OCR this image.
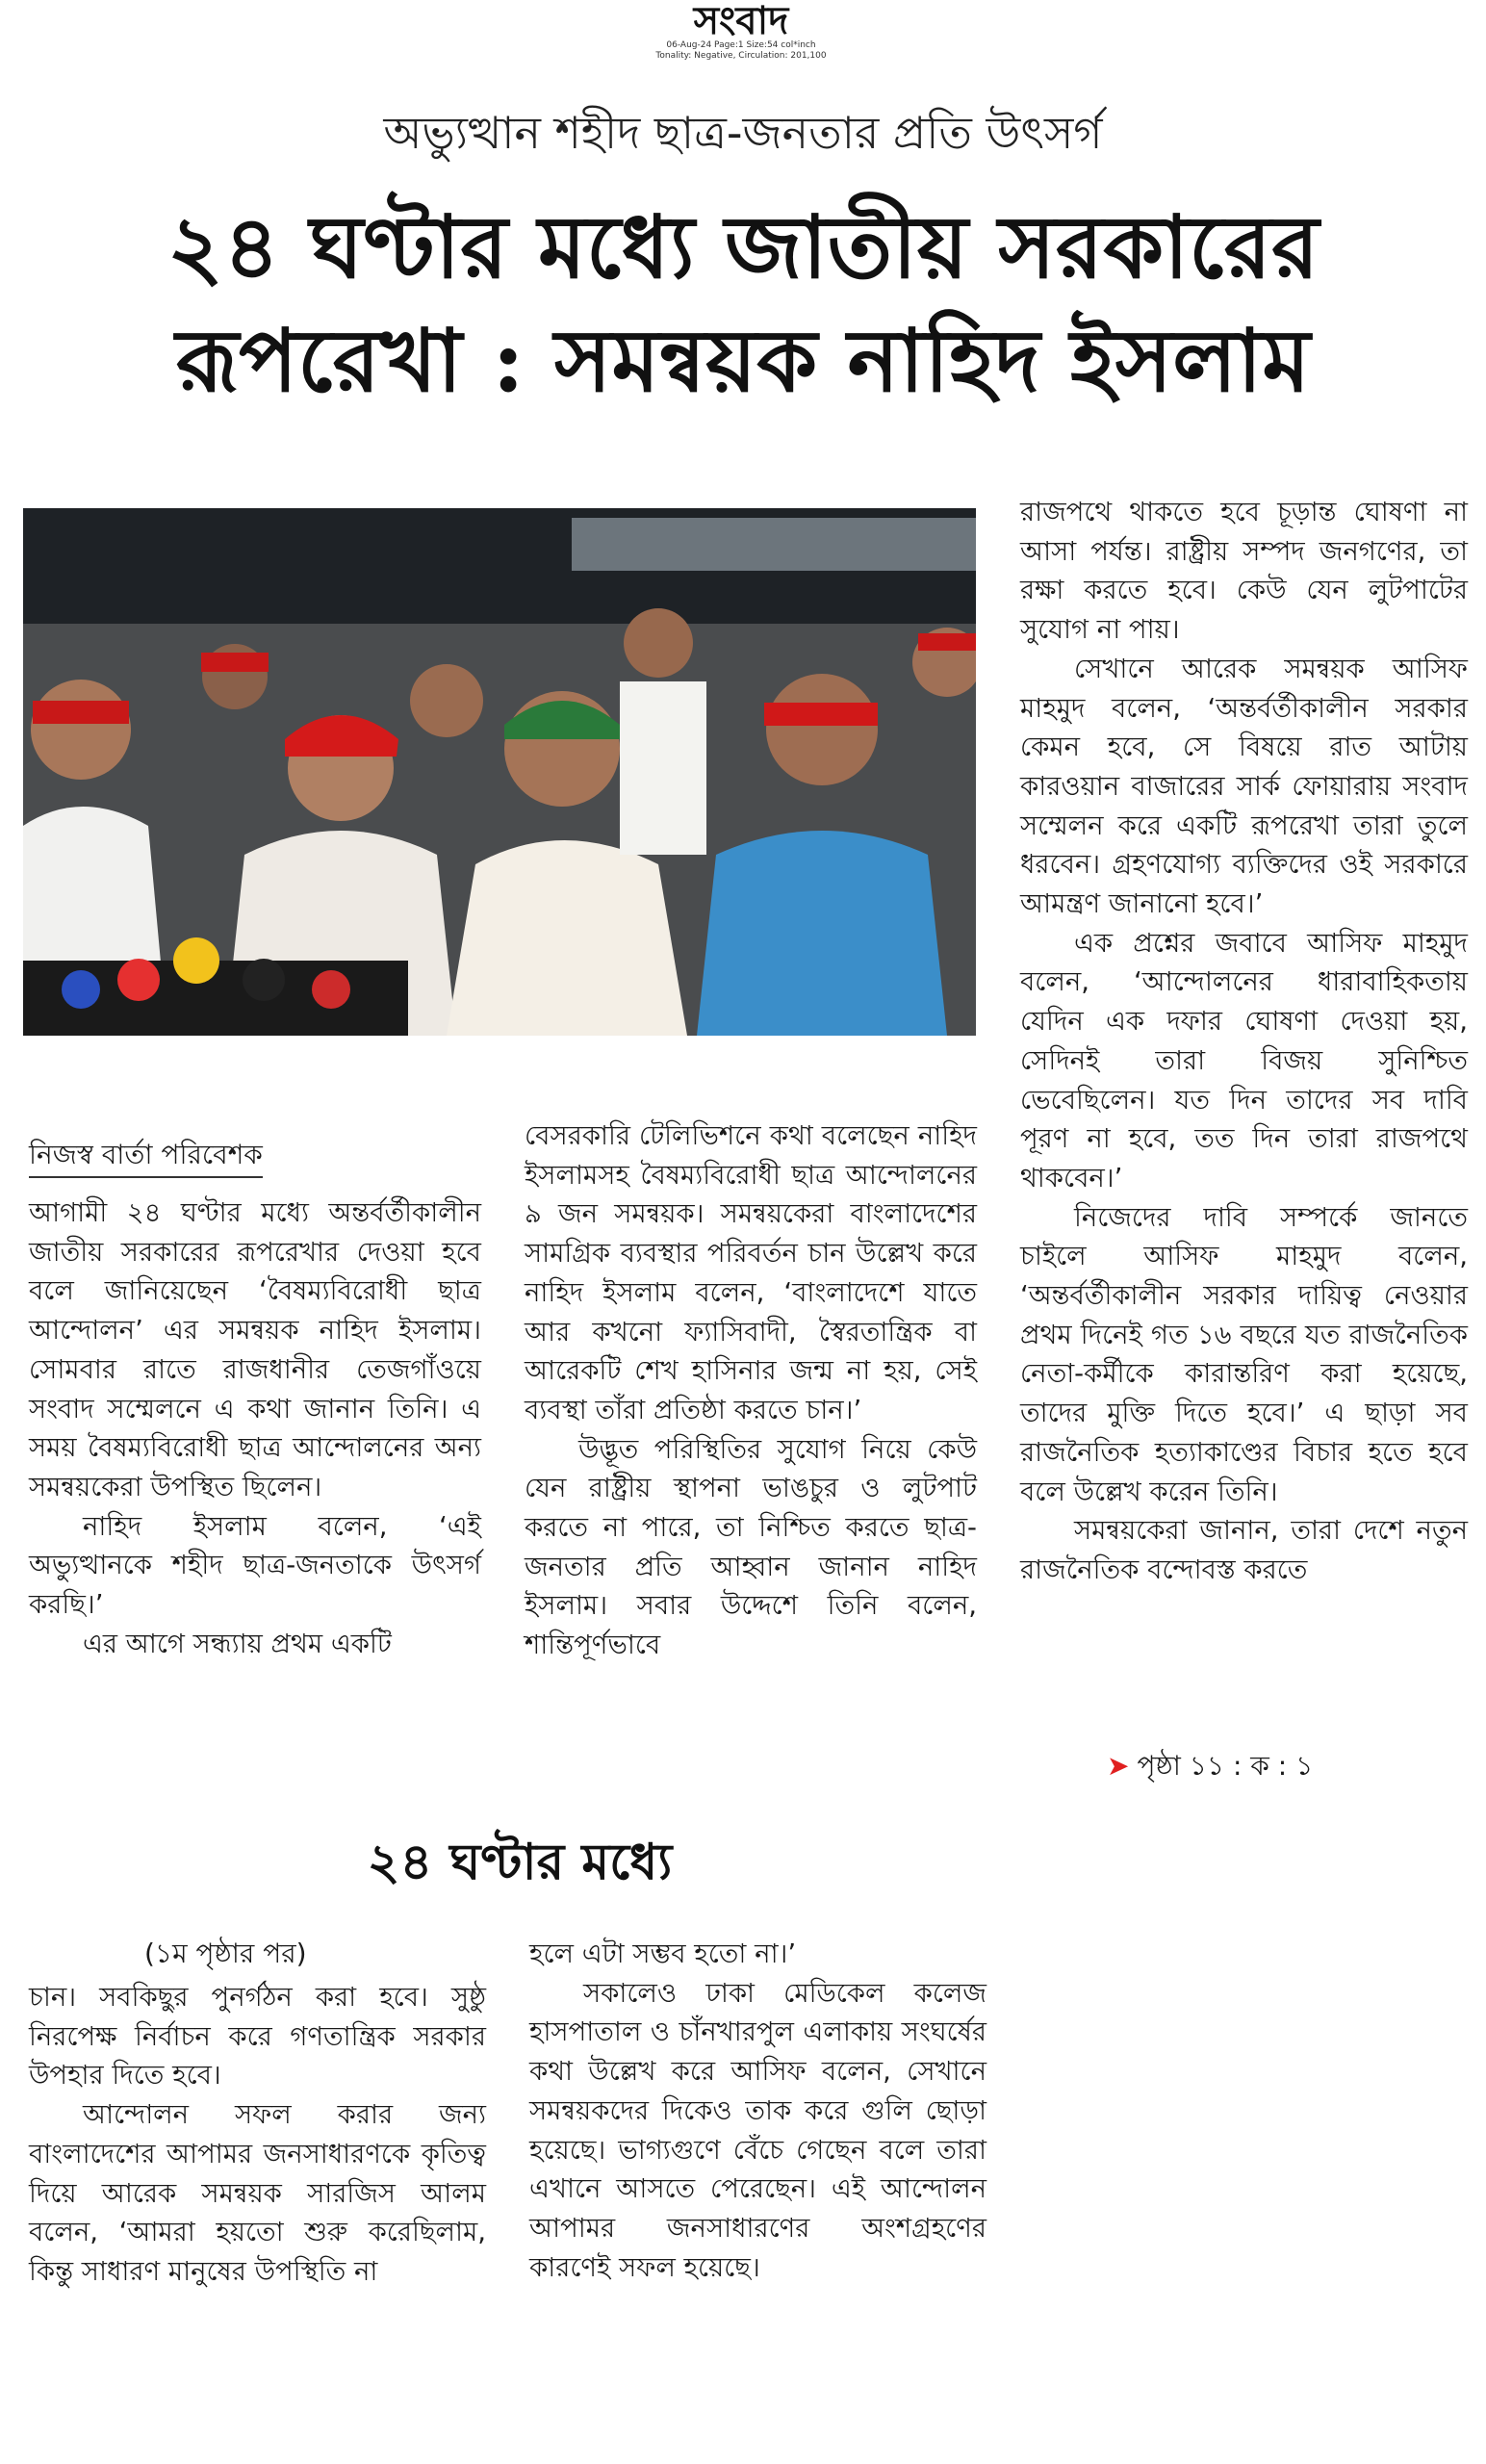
সংবাদ
06-Aug-24 Page:1 Size:54 col*inch
Tonality: Negative, Circulation: 201,100
অভ্যুত্থান শহীদ ছাত্র-জনতার প্রতি উৎসর্গ
২৪ ঘণ্টার মধ্যে জাতীয় সরকারের
রূপরেখা : সমন্বয়ক নাহিদ ইসলাম
নিজস্ব বার্তা পরিবেশক

আগামী ২৪ ঘণ্টার মধ্যে অন্তর্বর্তীকালীন জাতীয় সরকারের রূপরেখার দেওয়া হবে বলে জানিয়েছেন ‘বৈষম্যবিরোধী ছাত্র আন্দোলন’ এর সমন্বয়ক নাহিদ ইসলাম। সোমবার রাতে রাজধানীর তেজগাঁওয়ে সংবাদ সম্মেলনে এ কথা জানান তিনি। এ সময় বৈষম্যবিরোধী ছাত্র আন্দোলনের অন্য সমন্বয়কেরা উপস্থিত ছিলেন।

নাহিদ ইসলাম বলেন, ‘এই অভ্যুত্থানকে শহীদ ছাত্র-জনতাকে উৎসর্গ করছি।’

এর আগে সন্ধ্যায় প্রথম একটি

বেসরকারি টেলিভিশনে কথা বলেছেন নাহিদ ইসলামসহ বৈষম্যবিরোধী ছাত্র আন্দোলনের ৯ জন সমন্বয়ক। সমন্বয়কেরা বাংলাদেশের সামগ্রিক ব্যবস্থার পরিবর্তন চান উল্লেখ করে নাহিদ ইসলাম বলেন, ‘বাংলাদেশে যাতে আর কখনো ফ্যাসিবাদী, স্বৈরতান্ত্রিক বা আরেকটি শেখ হাসিনার জন্ম না হয়, সেই ব্যবস্থা তাঁরা প্রতিষ্ঠা করতে চান।’

উদ্ভূত পরিস্থিতির সুযোগ নিয়ে কেউ যেন রাষ্ট্রীয় স্থাপনা ভাঙচুর ও লুটপাট করতে না পারে, তা নিশ্চিত করতে ছাত্র-জনতার প্রতি আহ্বান জানান নাহিদ ইসলাম। সবার উদ্দেশে তিনি বলেন, শান্তিপূর্ণভাবে

রাজপথে থাকতে হবে চূড়ান্ত ঘোষণা না আসা পর্যন্ত। রাষ্ট্রীয় সম্পদ জনগণের, তা রক্ষা করতে হবে। কেউ যেন লুটপাটের সুযোগ না পায়।

সেখানে আরেক সমন্বয়ক আসিফ মাহমুদ বলেন, ‘অন্তর্বর্তীকালীন সরকার কেমন হবে, সে বিষয়ে রাত আটায় কারওয়ান বাজারের সার্ক ফোয়ারায় সংবাদ সম্মেলন করে একটি রূপরেখা তারা তুলে ধরবেন। গ্রহণযোগ্য ব্যক্তিদের ওই সরকারে আমন্ত্রণ জানানো হবে।’

এক প্রশ্নের জবাবে আসিফ মাহমুদ বলেন, ‘আন্দোলনের ধারাবাহিকতায় যেদিন এক দফার ঘোষণা দেওয়া হয়, সেদিনই তারা বিজয় সুনিশ্চিত ভেবেছিলেন। যত দিন তাদের সব দাবি পূরণ না হবে, তত দিন তারা রাজপথে থাকবেন।’

নিজেদের দাবি সম্পর্কে জানতে চাইলে আসিফ মাহমুদ বলেন, ‘অন্তর্বর্তীকালীন সরকার দায়িত্ব নেওয়ার প্রথম দিনেই গত ১৬ বছরে যত রাজনৈতিক নেতা-কর্মীকে কারান্তরিণ করা হয়েছে, তাদের মুক্তি দিতে হবে।’ এ ছাড়া সব রাজনৈতিক হত্যাকাণ্ডের বিচার হতে হবে বলে উল্লেখ করেন তিনি।

সমন্বয়কেরা জানান, তারা দেশে নতুন রাজনৈতিক বন্দোবস্ত করতে

➤ পৃষ্ঠা ১১ : ক : ১
২৪ ঘণ্টার মধ্যে
(১ম পৃষ্ঠার পর)

চান। সবকিছুর পুনর্গঠন করা হবে। সুষ্ঠু নিরপেক্ষ নির্বাচন করে গণতান্ত্রিক সরকার উপহার দিতে হবে।

আন্দোলন সফল করার জন্য বাংলাদেশের আপামর জনসাধারণকে কৃতিত্ব দিয়ে আরেক সমন্বয়ক সারজিস আলম বলেন, ‘আমরা হয়তো শুরু করেছিলাম, কিন্তু সাধারণ মানুষের উপস্থিতি না

হলে এটা সম্ভব হতো না।’

সকালেও ঢাকা মেডিকেল কলেজ হাসপাতাল ও চাঁনখারপুল এলাকায় সংঘর্ষের কথা উল্লেখ করে আসিফ বলেন, সেখানে সমন্বয়কদের দিকেও তাক করে গুলি ছোড়া হয়েছে। ভাগ্যগুণে বেঁচে গেছেন বলে তারা এখানে আসতে পেরেছেন। এই আন্দোলন আপামর জনসাধারণের অংশগ্রহণের কারণেই সফল হয়েছে।
